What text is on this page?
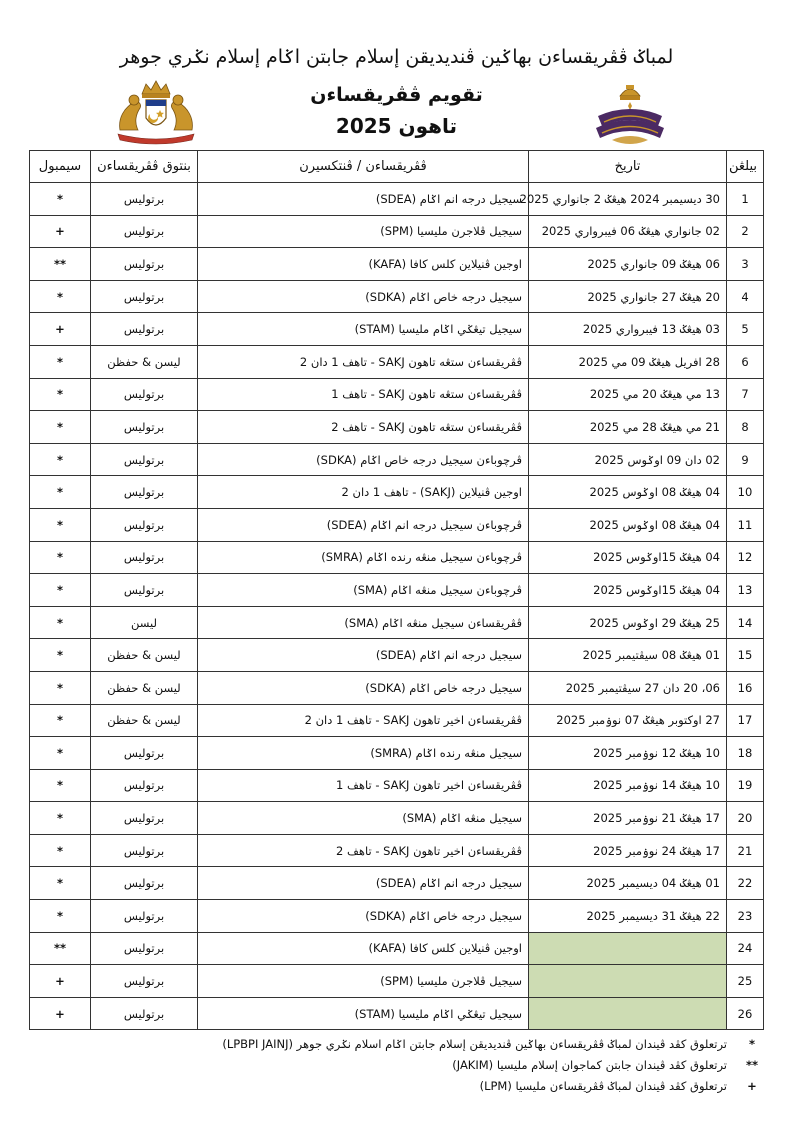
لمباݢ ڤڤريقساءن بهاݢين ڤنديديقن إسلام جابتن اݢام إسلام نݢري جوهر
تقويم ڤڤريقساءن
تاهون 2025
بيلڠن	تاريخ	ڤڤريقساءن / ڤنتكسيرن	بنتوق ڤڤريقساءن	سيمبول
1	30 ديسيمبر 2024 هيڠݢ 2 جانواري 2025	سيجيل درجه انم اݢام (SDEA)	برتوليس	*
2	02 جانواري هيڠݢ 06 فيبرواري 2025	سيجيل ڤلاجرن مليسيا (SPM)	برتوليس	+
3	06 هيڠݢ 09 جانواري 2025	اوجين ڤنيلاين كلس كافا (KAFA)	برتوليس	**
4	20 هيڠݢ 27 جانواري 2025	سيجيل درجه خاص اݢام (SDKA)	برتوليس	*
5	03 هيڠݢ 13 فيبرواري 2025	سيجيل تيڠݢي اݢام مليسيا (STAM)	برتوليس	+
6	28 افريل هيڠݢ 09 مي 2025	ڤڤريقساءن ستڠه تاهون SAKJ - تاهف 1 دان 2	ليسن & حفظن	*
7	13 مي هيڠݢ 20 مي 2025	ڤڤريقساءن ستڠه تاهون SAKJ - تاهف 1	برتوليس	*
8	21 مي هيڠݢ 28 مي 2025	ڤڤريقساءن ستڠه تاهون SAKJ - تاهف 2	برتوليس	*
9	02 دان 09 اوݢوس 2025	ڤرچوباءن سيجيل درجه خاص اݢام (SDKA)	برتوليس	*
10	04 هيڠݢ 08 اوݢوس 2025	اوجين ڤنيلاين (SAKJ) - تاهف 1 دان 2	برتوليس	*
11	04 هيڠݢ 08 اوݢوس 2025	ڤرچوباءن سيجيل درجه انم اݢام (SDEA)	برتوليس	*
12	04 هيڠݢ 15اوݢوس 2025	ڤرچوباءن سيجيل منڠه رنده اݢام (SMRA)	برتوليس	*
13	04 هيڠݢ 15اوݢوس 2025	ڤرچوباءن سيجيل منڠه اݢام (SMA)	برتوليس	*
14	25 هيڠݢ 29 اوݢوس 2025	ڤڤريقساءن سيجيل منڠه اݢام (SMA)	ليسن	*
15	01 هيڠݢ 08 سيڤتيمبر 2025	سيجيل درجه انم اݢام (SDEA)	ليسن & حفظن	*
16	06، 20 دان 27 سيڤتيمبر 2025	سيجيل درجه خاص اݢام (SDKA)	ليسن & حفظن	*
17	27 اوكتوبر هيڠݢ 07 نوۏمبر 2025	ڤڤريقساءن اخير تاهون SAKJ - تاهف 1 دان 2	ليسن & حفظن	*
18	10 هيڠݢ 12 نوۏمبر 2025	سيجيل منڠه رنده اݢام (SMRA)	برتوليس	*
19	10 هيڠݢ 14 نوۏمبر 2025	ڤڤريقساءن اخير تاهون SAKJ - تاهف 1	برتوليس	*
20	17 هيڠݢ 21 نوۏمبر 2025	سيجيل منڠه اݢام (SMA)	برتوليس	*
21	17 هيڠݢ 24 نوۏمبر 2025	ڤڤريقساءن اخير تاهون SAKJ - تاهف 2	برتوليس	*
22	01 هيڠݢ 04 ديسيمبر 2025	سيجيل درجه انم اݢام (SDEA)	برتوليس	*
23	22 هيڠݢ 31 ديسيمبر 2025	سيجيل درجه خاص اݢام (SDKA)	برتوليس	*
24		اوجين ڤنيلاين كلس كافا (KAFA)	برتوليس	**
25		سيجيل ڤلاجرن مليسيا (SPM)	برتوليس	+
26		سيجيل تيڠݢي اݢام مليسيا (STAM)	برتوليس	+
*
ترتعلوق كڤد ڤيندان لمباݢ ڤڤريقساءن بهاݢين ڤنديديقن إسلام جابتن اݢام اسلام نݢري جوهر (LPBPI JAINJ)
**
ترتعلوق كڤد ڤيندان جابتن كماجوان إسلام مليسيا (JAKIM)
+
ترتعلوق كڤد ڤيندان لمباݢ ڤڤريقساءن مليسيا (LPM)
